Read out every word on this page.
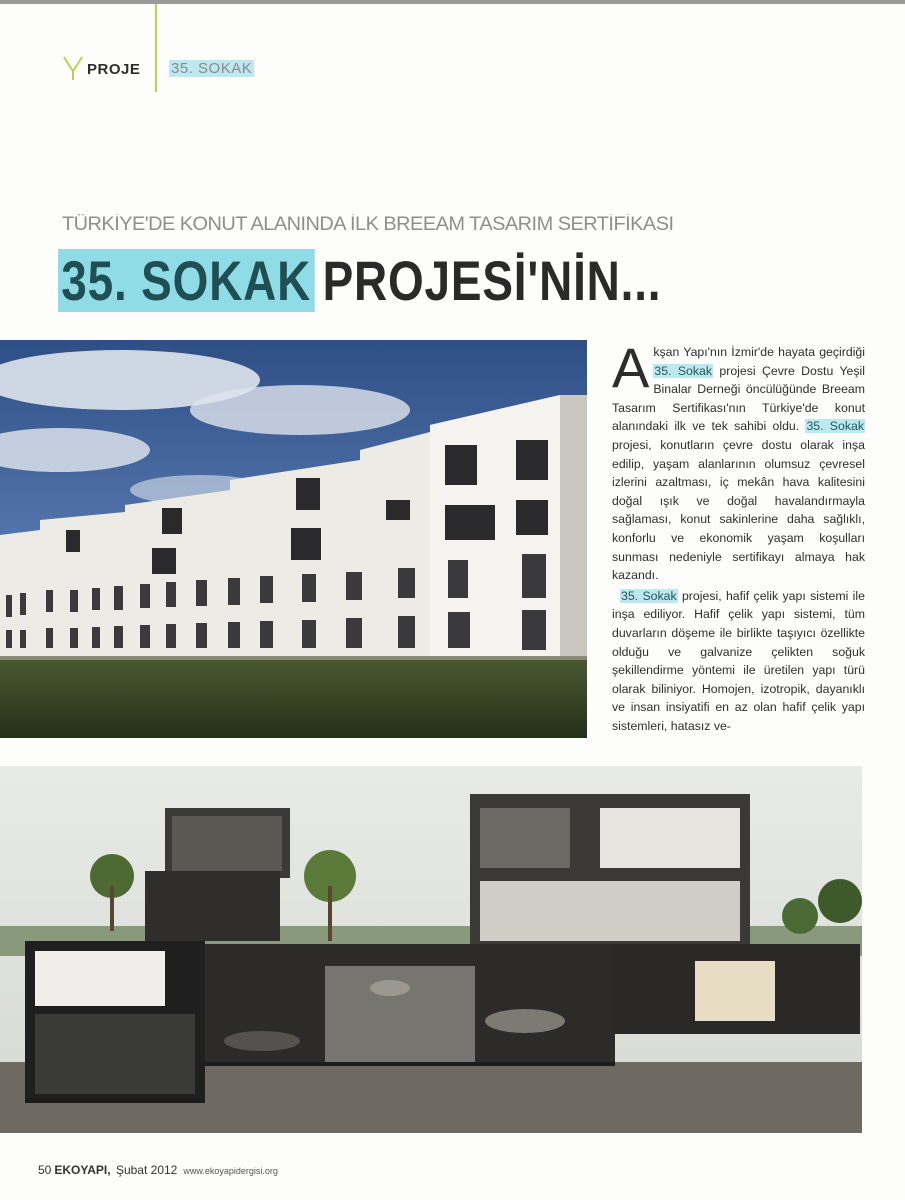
PROJE 35. SOKAK
TÜRKİYE'DE KONUT ALANINDA İLK BREEAM TASARIM SERTİFİKASI
35. SOKAK PROJESİ'NİN...

Akşan Yapı'nın İzmir'de hayata geçirdiği 35. Sokak projesi Çevre Dostu Yeşil Binalar Derneği öncülüğünde Breeam Tasarım Sertifikası'nın Türkiye'de konut alanındaki ilk ve tek sahibi oldu. 35. Sokak projesi, konutların çevre dostu olarak inşa edilip, yaşam alanlarının olumsuz çevresel izlerini azaltması, iç mekân hava kalitesini doğal ışık ve doğal havalandırmayla sağlaması, konut sakinlerine daha sağlıklı, konforlu ve ekonomik yaşam koşulları sunması nedeniyle sertifikayı almaya hak kazandı.

35. Sokak projesi, hafif çelik yapı sistemi ile inşa ediliyor. Hafif çelik yapı sistemi, tüm duvarların döşeme ile birlikte taşıyıcı özellikte olduğu ve galvanize çelikten soğuk şekillendirme yöntemi ile üretilen yapı türü olarak biliniyor. Homojen, izotropik, dayanıklı ve insan insiyatifi en az olan hafif çelik yapı sistemleri, hatasız ve-

50 EKOYAPI, Şubat 2012 www.ekoyapidergisi.org
